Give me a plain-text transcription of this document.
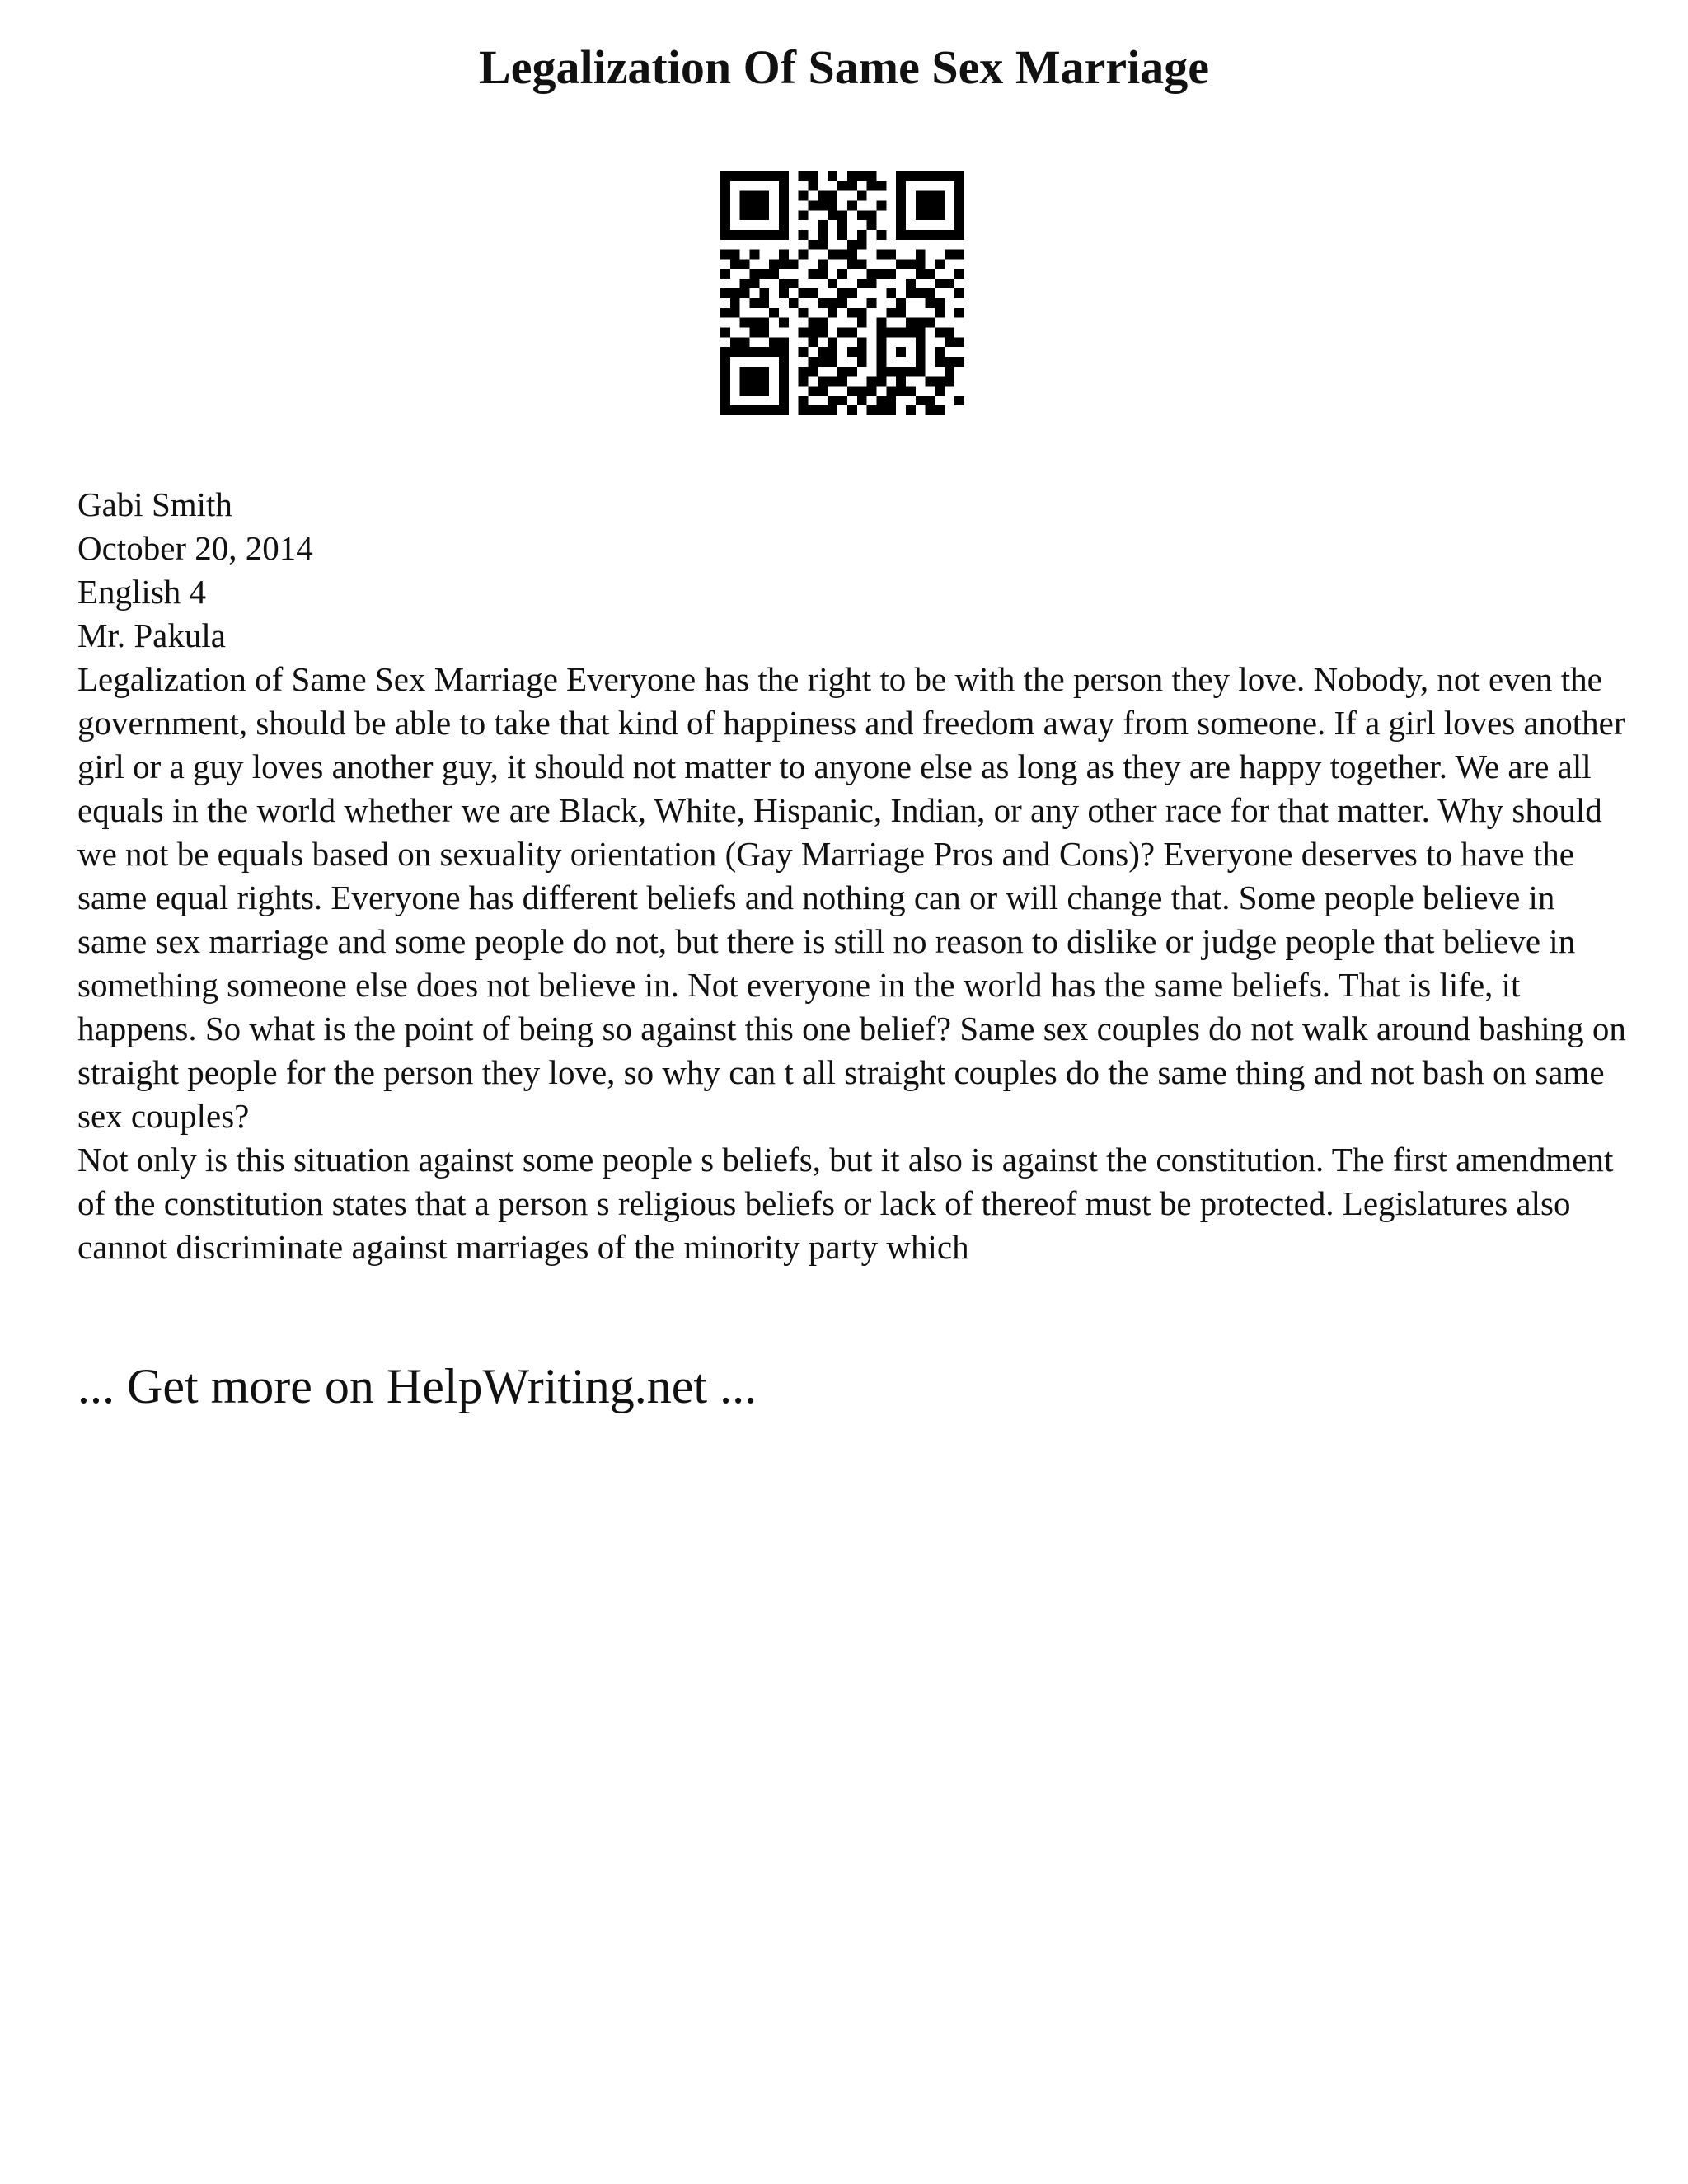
Legalization Of Same Sex Marriage

Gabi Smith

October 20, 2014

English 4

Mr. Pakula

Legalization of Same Sex Marriage Everyone has the right to be with the person they love. Nobody, not even the government, should be able to take that kind of happiness and freedom away from someone. If a girl loves another girl or a guy loves another guy, it should not matter to anyone else as long as they are happy together. We are all equals in the world whether we are Black, White, Hispanic, Indian, or any other race for that matter. Why should we not be equals based on sexuality orientation (Gay Marriage Pros and Cons)? Everyone deserves to have the same equal rights. Everyone has different beliefs and nothing can or will change that. Some people believe in same sex marriage and some people do not, but there is still no reason to dislike or judge people that believe in something someone else does not believe in. Not everyone in the world has the same beliefs. That is life, it happens. So what is the point of being so against this one belief? Same sex couples do not walk around bashing on straight people for the person they love, so why can t all straight couples do the same thing and not bash on same sex couples?

Not only is this situation against some people s beliefs, but it also is against the constitution. The first amendment of the constitution states that a person s religious beliefs or lack of thereof must be protected. Legislatures also cannot discriminate against marriages of the minority party which

... Get more on HelpWriting.net ...
